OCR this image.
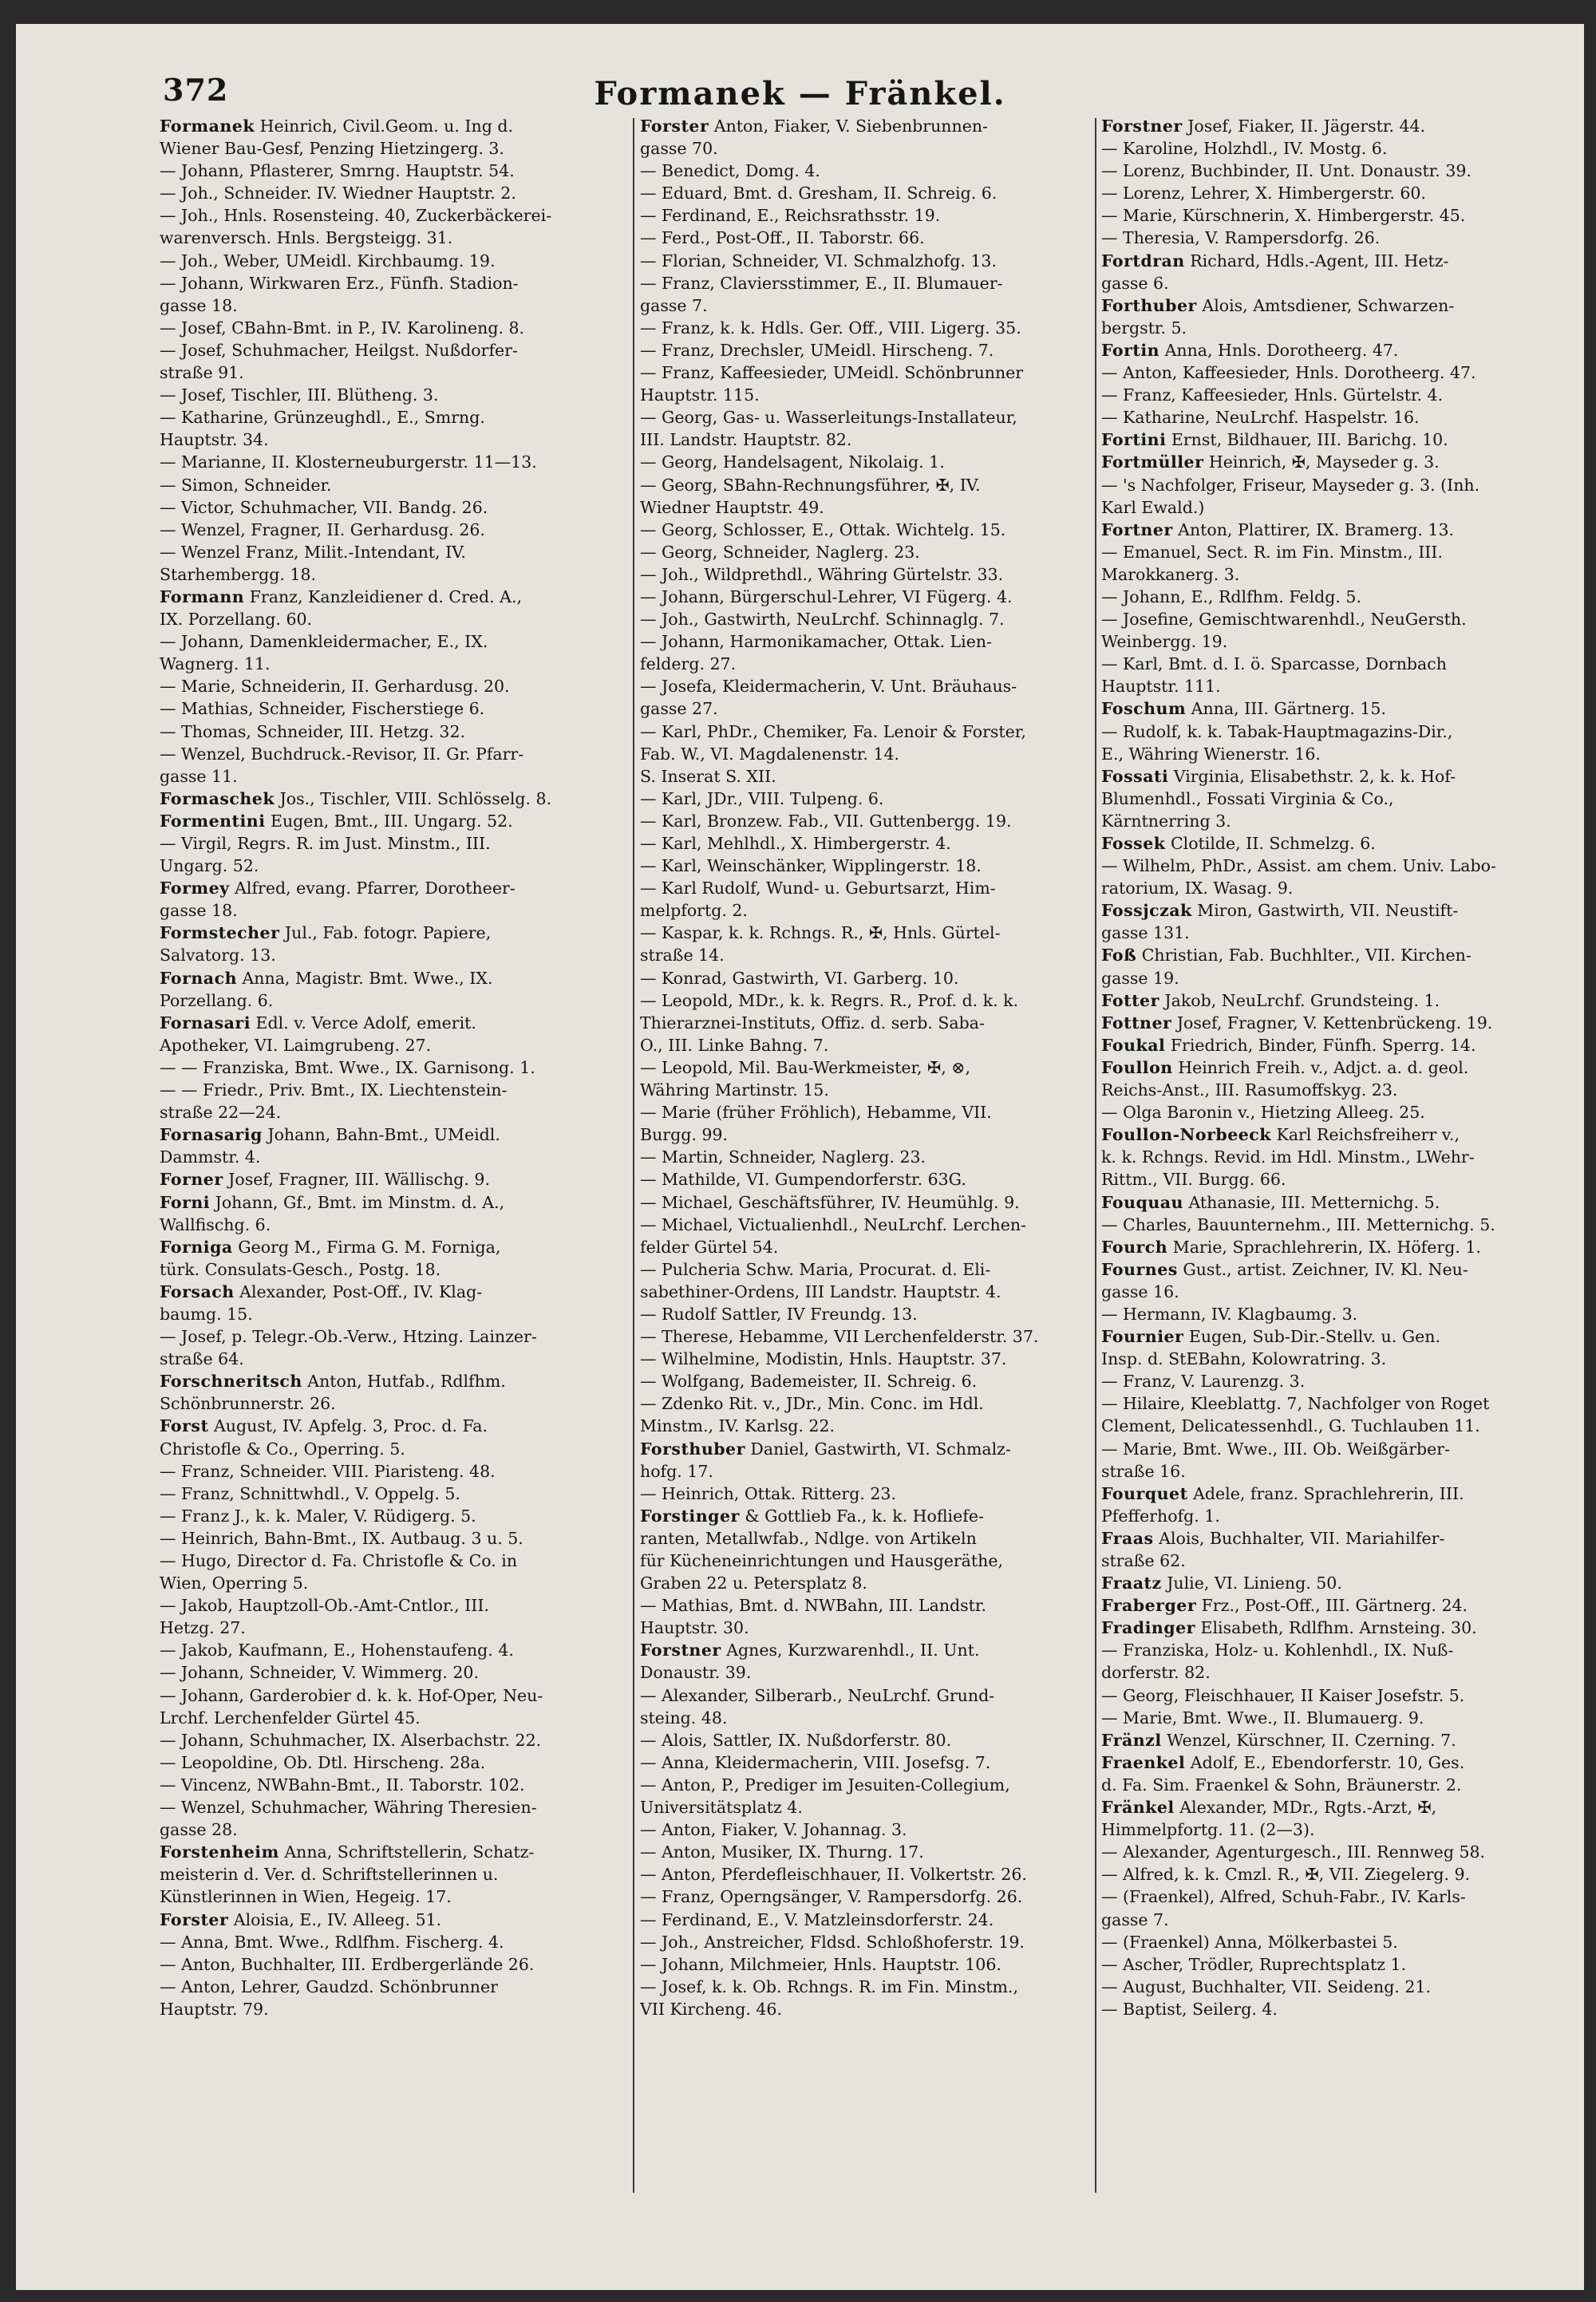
372	Formanek — Fränkel.
Formanek Heinrich, Civil.Geom. u. Ing d.
Wiener Bau-Gesf, Penzing Hietzingerg. 3.
— Johann, Pflasterer, Smrng. Hauptstr. 54.
— Joh., Schneider. IV. Wiedner Hauptstr. 2.
— Joh., Hnls. Rosensteing. 40, Zuckerbäckerei-
warenversch. Hnls. Bergsteigg. 31.
— Joh., Weber, UMeidl. Kirchbaumg. 19.
— Johann, Wirkwaren Erz., Fünfh. Stadion-
gasse 18.
— Josef, CBahn-Bmt. in P., IV. Karolineng. 8.
— Josef, Schuhmacher, Heilgst. Nußdorfer-
straße 91.
— Josef, Tischler, III. Blütheng. 3.
— Katharine, Grünzeughdl., E., Smrng.
Hauptstr. 34.
— Marianne, II. Klosterneuburgerstr. 11—13.
— Simon, Schneider.
— Victor, Schuhmacher, VII. Bandg. 26.
— Wenzel, Fragner, II. Gerhardusg. 26.
— Wenzel Franz, Milit.-Intendant, IV.
Starhembergg. 18.
Formann Franz, Kanzleidiener d. Cred. A.,
IX. Porzellang. 60.
— Johann, Damenkleidermacher, E., IX.
Wagnerg. 11.
— Marie, Schneiderin, II. Gerhardusg. 20.
— Mathias, Schneider, Fischerstiege 6.
— Thomas, Schneider, III. Hetzg. 32.
— Wenzel, Buchdruck.-Revisor, II. Gr. Pfarr-
gasse 11.
Formaschek Jos., Tischler, VIII. Schlösselg. 8.
Formentini Eugen, Bmt., III. Ungarg. 52.
— Virgil, Regrs. R. im Just. Minstm., III.
Ungarg. 52.
Formey Alfred, evang. Pfarrer, Dorotheer-
gasse 18.
Formstecher Jul., Fab. fotogr. Papiere,
Salvatorg. 13.
Fornach Anna, Magistr. Bmt. Wwe., IX.
Porzellang. 6.
Fornasari Edl. v. Verce Adolf, emerit.
Apotheker, VI. Laimgrubeng. 27.
— — Franziska, Bmt. Wwe., IX. Garnisong. 1.
— — Friedr., Priv. Bmt., IX. Liechtenstein-
straße 22—24.
Fornasarig Johann, Bahn-Bmt., UMeidl.
Dammstr. 4.
Forner Josef, Fragner, III. Wällischg. 9.
Forni Johann, Gf., Bmt. im Minstm. d. A.,
Wallfischg. 6.
Forniga Georg M., Firma G. M. Forniga,
türk. Consulats-Gesch., Postg. 18.
Forsach Alexander, Post-Off., IV. Klag-
baumg. 15.
— Josef, p. Telegr.-Ob.-Verw., Htzing. Lainzer-
straße 64.
Forschneritsch Anton, Hutfab., Rdlfhm.
Schönbrunnerstr. 26.
Forst August, IV. Apfelg. 3, Proc. d. Fa.
Christofle & Co., Operring. 5.
— Franz, Schneider. VIII. Piaristeng. 48.
— Franz, Schnittwhdl., V. Oppelg. 5.
— Franz J., k. k. Maler, V. Rüdigerg. 5.
— Heinrich, Bahn-Bmt., IX. Autbaug. 3 u. 5.
— Hugo, Director d. Fa. Christofle & Co. in
Wien, Operring 5.
— Jakob, Hauptzoll-Ob.-Amt-Cntlor., III.
Hetzg. 27.
— Jakob, Kaufmann, E., Hohenstaufeng. 4.
— Johann, Schneider, V. Wimmerg. 20.
— Johann, Garderobier d. k. k. Hof-Oper, Neu-
Lrchf. Lerchenfelder Gürtel 45.
— Johann, Schuhmacher, IX. Alserbachstr. 22.
— Leopoldine, Ob. Dtl. Hirscheng. 28a.
— Vincenz, NWBahn-Bmt., II. Taborstr. 102.
— Wenzel, Schuhmacher, Währing Theresien-
gasse 28.
Forstenheim Anna, Schriftstellerin, Schatz-
meisterin d. Ver. d. Schriftstellerinnen u.
Künstlerinnen in Wien, Hegeig. 17.
Forster Aloisia, E., IV. Alleeg. 51.
— Anna, Bmt. Wwe., Rdlfhm. Fischerg. 4.
— Anton, Buchhalter, III. Erdbergerlände 26.
— Anton, Lehrer, Gaudzd. Schönbrunner
Hauptstr. 79.
Forster Anton, Fiaker, V. Siebenbrunnen-
gasse 70.
— Benedict, Domg. 4.
— Eduard, Bmt. d. Gresham, II. Schreig. 6.
— Ferdinand, E., Reichsrathsstr. 19.
— Ferd., Post-Off., II. Taborstr. 66.
— Florian, Schneider, VI. Schmalzhofg. 13.
— Franz, Claviersstimmer, E., II. Blumauer-
gasse 7.
— Franz, k. k. Hdls. Ger. Off., VIII. Ligerg. 35.
— Franz, Drechsler, UMeidl. Hirscheng. 7.
— Franz, Kaffeesieder, UMeidl. Schönbrunner
Hauptstr. 115.
— Georg, Gas- u. Wasserleitungs-Installateur,
III. Landstr. Hauptstr. 82.
— Georg, Handelsagent, Nikolaig. 1.
— Georg, SBahn-Rechnungsführer, ✠, IV.
Wiedner Hauptstr. 49.
— Georg, Schlosser, E., Ottak. Wichtelg. 15.
— Georg, Schneider, Naglerg. 23.
— Joh., Wildprethdl., Währing Gürtelstr. 33.
— Johann, Bürgerschul-Lehrer, VI Fügerg. 4.
— Joh., Gastwirth, NeuLrchf. Schinnaglg. 7.
— Johann, Harmonikamacher, Ottak. Lien-
felderg. 27.
— Josefa, Kleidermacherin, V. Unt. Bräuhaus-
gasse 27.
— Karl, PhDr., Chemiker, Fa. Lenoir & Forster,
Fab. W., VI. Magdalenenstr. 14.
S. Inserat S. XII.
— Karl, JDr., VIII. Tulpeng. 6.
— Karl, Bronzew. Fab., VII. Guttenbergg. 19.
— Karl, Mehlhdl., X. Himbergerstr. 4.
— Karl, Weinschänker, Wipplingerstr. 18.
— Karl Rudolf, Wund- u. Geburtsarzt, Him-
melpfortg. 2.
— Kaspar, k. k. Rchngs. R., ✠, Hnls. Gürtel-
straße 14.
— Konrad, Gastwirth, VI. Garberg. 10.
— Leopold, MDr., k. k. Regrs. R., Prof. d. k. k.
Thierarznei-Instituts, Offiz. d. serb. Saba-
O., III. Linke Bahng. 7.
— Leopold, Mil. Bau-Werkmeister, ✠, ⊗,
Währing Martinstr. 15.
— Marie (früher Fröhlich), Hebamme, VII.
Burgg. 99.
— Martin, Schneider, Naglerg. 23.
— Mathilde, VI. Gumpendorferstr. 63G.
— Michael, Geschäftsführer, IV. Heumühlg. 9.
— Michael, Victualienhdl., NeuLrchf. Lerchen-
felder Gürtel 54.
— Pulcheria Schw. Maria, Procurat. d. Eli-
sabethiner-Ordens, III Landstr. Hauptstr. 4.
— Rudolf Sattler, IV Freundg. 13.
— Therese, Hebamme, VII Lerchenfelderstr. 37.
— Wilhelmine, Modistin, Hnls. Hauptstr. 37.
— Wolfgang, Bademeister, II. Schreig. 6.
— Zdenko Rit. v., JDr., Min. Conc. im Hdl.
Minstm., IV. Karlsg. 22.
Forsthuber Daniel, Gastwirth, VI. Schmalz-
hofg. 17.
— Heinrich, Ottak. Ritterg. 23.
Forstinger & Gottlieb Fa., k. k. Hofliefe-
ranten, Metallwfab., Ndlge. von Artikeln
für Kücheneinrichtungen und Hausgeräthe,
Graben 22 u. Petersplatz 8.
— Mathias, Bmt. d. NWBahn, III. Landstr.
Hauptstr. 30.
Forstner Agnes, Kurzwarenhdl., II. Unt.
Donaustr. 39.
— Alexander, Silberarb., NeuLrchf. Grund-
steing. 48.
— Alois, Sattler, IX. Nußdorferstr. 80.
— Anna, Kleidermacherin, VIII. Josefsg. 7.
— Anton, P., Prediger im Jesuiten-Collegium,
Universitätsplatz 4.
— Anton, Fiaker, V. Johannag. 3.
— Anton, Musiker, IX. Thurng. 17.
— Anton, Pferdefleischhauer, II. Volkertstr. 26.
— Franz, Operngsänger, V. Rampersdorfg. 26.
— Ferdinand, E., V. Matzleinsdorferstr. 24.
— Joh., Anstreicher, Fldsd. Schloßhoferstr. 19.
— Johann, Milchmeier, Hnls. Hauptstr. 106.
— Josef, k. k. Ob. Rchngs. R. im Fin. Minstm.,
VII Kircheng. 46.
Forstner Josef, Fiaker, II. Jägerstr. 44.
— Karoline, Holzhdl., IV. Mostg. 6.
— Lorenz, Buchbinder, II. Unt. Donaustr. 39.
— Lorenz, Lehrer, X. Himbergerstr. 60.
— Marie, Kürschnerin, X. Himbergerstr. 45.
— Theresia, V. Rampersdorfg. 26.
Fortdran Richard, Hdls.-Agent, III. Hetz-
gasse 6.
Forthuber Alois, Amtsdiener, Schwarzen-
bergstr. 5.
Fortin Anna, Hnls. Dorotheerg. 47.
— Anton, Kaffeesieder, Hnls. Dorotheerg. 47.
— Franz, Kaffeesieder, Hnls. Gürtelstr. 4.
— Katharine, NeuLrchf. Haspelstr. 16.
Fortini Ernst, Bildhauer, III. Barichg. 10.
Fortmüller Heinrich, ✠, Mayseder g. 3.
— 's Nachfolger, Friseur, Mayseder g. 3. (Inh.
Karl Ewald.)
Fortner Anton, Plattirer, IX. Bramerg. 13.
— Emanuel, Sect. R. im Fin. Minstm., III.
Marokkanerg. 3.
— Johann, E., Rdlfhm. Feldg. 5.
— Josefine, Gemischtwarenhdl., NeuGersth.
Weinbergg. 19.
— Karl, Bmt. d. I. ö. Sparcasse, Dornbach
Hauptstr. 111.
Foschum Anna, III. Gärtnerg. 15.
— Rudolf, k. k. Tabak-Hauptmagazins-Dir.,
E., Währing Wienerstr. 16.
Fossati Virginia, Elisabethstr. 2, k. k. Hof-
Blumenhdl., Fossati Virginia & Co.,
Kärntnerring 3.
Fossek Clotilde, II. Schmelzg. 6.
— Wilhelm, PhDr., Assist. am chem. Univ. Labo-
ratorium, IX. Wasag. 9.
Fossjczak Miron, Gastwirth, VII. Neustift-
gasse 131.
Foß Christian, Fab. Buchhlter., VII. Kirchen-
gasse 19.
Fotter Jakob, NeuLrchf. Grundsteing. 1.
Fottner Josef, Fragner, V. Kettenbrückeng. 19.
Foukal Friedrich, Binder, Fünfh. Sperrg. 14.
Foullon Heinrich Freih. v., Adjct. a. d. geol.
Reichs-Anst., III. Rasumoffskyg. 23.
— Olga Baronin v., Hietzing Alleeg. 25.
Foullon-Norbeeck Karl Reichsfreiherr v.,
k. k. Rchngs. Revid. im Hdl. Minstm., LWehr-
Rittm., VII. Burgg. 66.
Fouquau Athanasie, III. Metternichg. 5.
— Charles, Bauunternehm., III. Metternichg. 5.
Fourch Marie, Sprachlehrerin, IX. Höferg. 1.
Fournes Gust., artist. Zeichner, IV. Kl. Neu-
gasse 16.
— Hermann, IV. Klagbaumg. 3.
Fournier Eugen, Sub-Dir.-Stellv. u. Gen.
Insp. d. StEBahn, Kolowratring. 3.
— Franz, V. Laurenzg. 3.
— Hilaire, Kleeblattg. 7, Nachfolger von Roget
Clement, Delicatessenhdl., G. Tuchlauben 11.
— Marie, Bmt. Wwe., III. Ob. Weißgärber-
straße 16.
Fourquet Adele, franz. Sprachlehrerin, III.
Pfefferhofg. 1.
Fraas Alois, Buchhalter, VII. Mariahilfer-
straße 62.
Fraatz Julie, VI. Linieng. 50.
Fraberger Frz., Post-Off., III. Gärtnerg. 24.
Fradinger Elisabeth, Rdlfhm. Arnsteing. 30.
— Franziska, Holz- u. Kohlenhdl., IX. Nuß-
dorferstr. 82.
— Georg, Fleischhauer, II Kaiser Josefstr. 5.
— Marie, Bmt. Wwe., II. Blumauerg. 9.
Fränzl Wenzel, Kürschner, II. Czerning. 7.
Fraenkel Adolf, E., Ebendorferstr. 10, Ges.
d. Fa. Sim. Fraenkel & Sohn, Bräunerstr. 2.
Fränkel Alexander, MDr., Rgts.-Arzt, ✠,
Himmelpfortg. 11. (2—3).
— Alexander, Agenturgesch., III. Rennweg 58.
— Alfred, k. k. Cmzl. R., ✠, VII. Ziegelerg. 9.
— (Fraenkel), Alfred, Schuh-Fabr., IV. Karls-
gasse 7.
— (Fraenkel) Anna, Mölkerbastei 5.
— Ascher, Trödler, Ruprechtsplatz 1.
— August, Buchhalter, VII. Seideng. 21.
— Baptist, Seilerg. 4.
